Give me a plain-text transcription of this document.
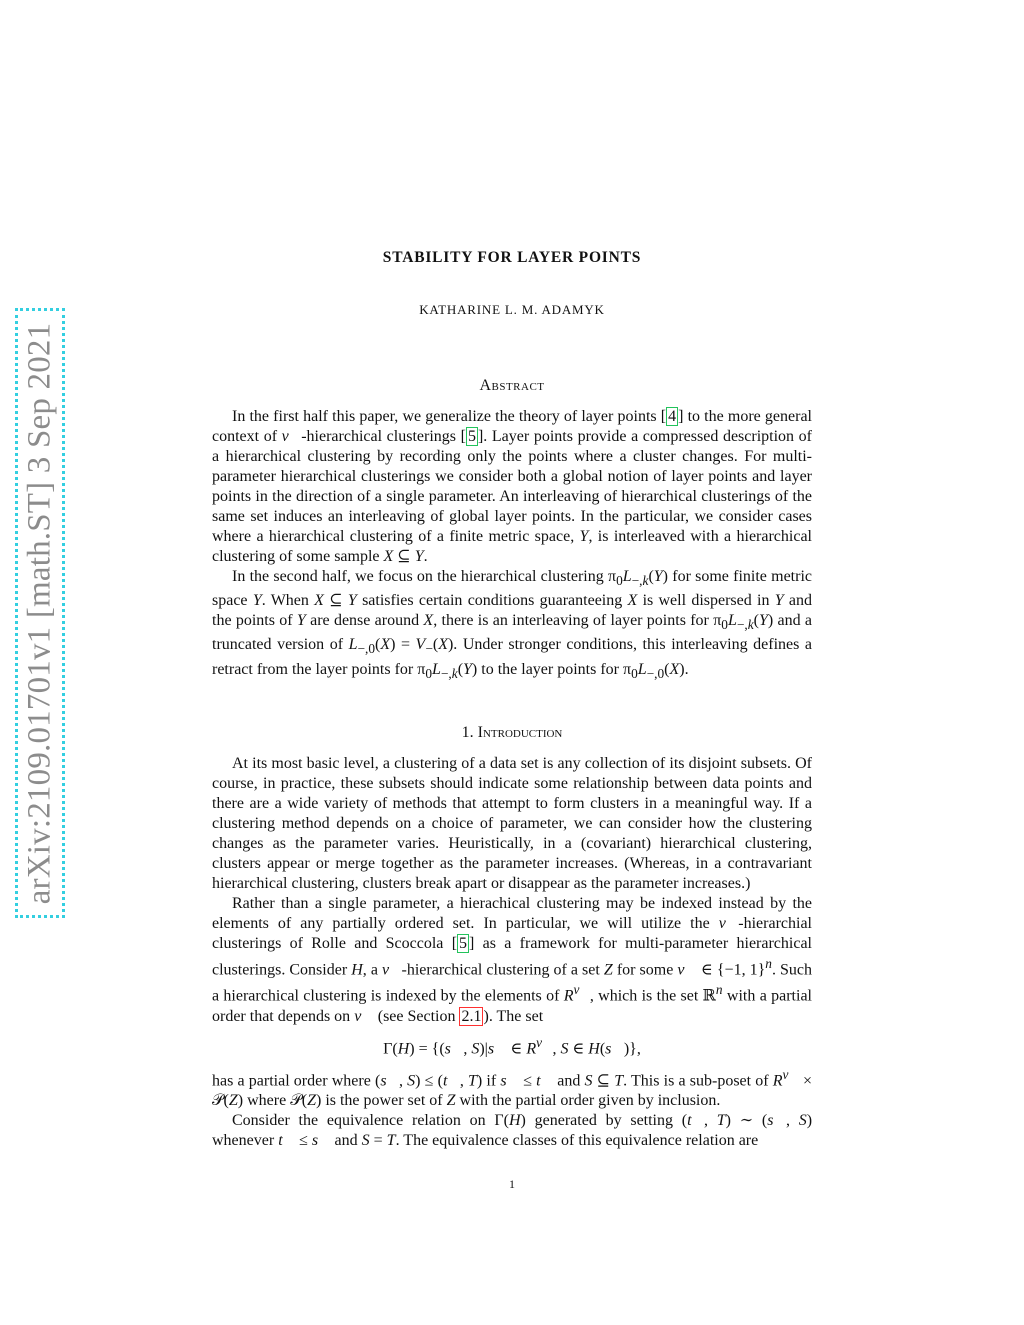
arXiv:2109.01701v1 [math.ST] 3 Sep 2021
STABILITY FOR LAYER POINTS
KATHARINE L. M. ADAMYK
Abstract

In the first half this paper, we generalize the theory of layer points [ 4 ] to the more general context of v⃗-hierarchical clusterings [ 5 ]. Layer points provide a compressed description of a hierarchical clustering by recording only the points where a cluster changes. For multi-parameter hierarchical clusterings we consider both a global notion of layer points and layer points in the direction of a single parameter. An interleaving of hierarchical clusterings of the same set induces an interleaving of global layer points. In the particular, we consider cases where a hierarchical clustering of a finite metric space, Y, is interleaved with a hierarchical clustering of some sample X ⊆ Y.

In the second half, we focus on the hierarchical clustering $\pi_0L_{-,k}(Y)$ for some finite metric space Y. When X ⊆ Y satisfies certain conditions guaranteeing X is well dispersed in Y and the points of Y are dense around X, there is an interleaving of layer points for $\pi_0L_{-,k}(Y)$ and a truncated version of $L_{-,0}(X) = V_-(X)$. Under stronger conditions, this interleaving defines a retract from the layer points for $\pi_0L_{-,k}(Y)$ to the layer points for $\pi_0L_{-,0}(X)$.

1. Introduction

At its most basic level, a clustering of a data set is any collection of its disjoint subsets. Of course, in practice, these subsets should indicate some relationship between data points and there are a wide variety of methods that attempt to form clusters in a meaningful way. If a clustering method depends on a choice of parameter, we can consider how the clustering changes as the parameter varies. Heuristically, in a (covariant) hierarchical clustering, clusters appear or merge together as the parameter increases. (Whereas, in a contravariant hierarchical clustering, clusters break apart or disappear as the parameter increases.)

Rather than a single parameter, a hierachical clustering may be indexed instead by the elements of any partially ordered set. In particular, we will utilize the v⃗-hierarchial clusterings of Rolle and Scoccola [ 5 ] as a framework for multi-parameter hierarchical clusterings. Consider H, a v⃗-hierarchical clustering of a set Z for some v⃗ ∈ {−1, 1}$^n$. Such a hierarchical clustering is indexed by the elements of $R^{v⃗}$, which is the set ℝ$^n$ with a partial order that depends on v⃗ (see Section 2.1 ). The set

Γ(H) = {(s⃗, S)|s⃗ ∈ $R^{v⃗}$, S ∈ H(s⃗)},

has a partial order where (s⃗, S) ≤ (t⃗, T) if s⃗ ≤ t⃗ and S ⊆ T. This is a sub-poset of $R^{v⃗}$ × 𝒫(Z) where 𝒫(Z) is the power set of Z with the partial order given by inclusion.

Consider the equivalence relation on Γ(H) generated by setting (t⃗, T) ∼ (s⃗, S) whenever t⃗ ≤ s⃗ and S = T. The equivalence classes of this equivalence relation are

1
